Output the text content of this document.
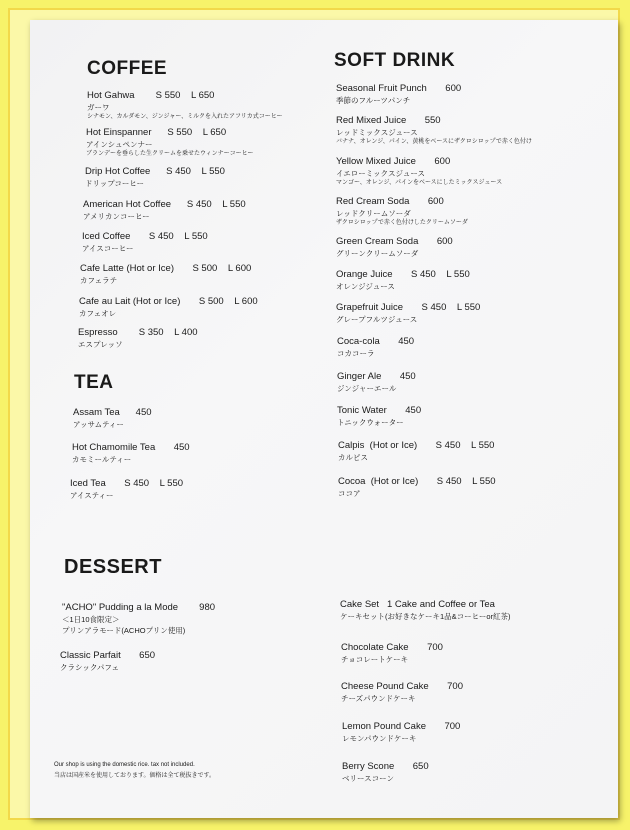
COFFEE
Hot Gahwa        S 550    L 650
ガーワ
シナモン、カルダモン、ジンジャー、ミルクを入れたアフリカ式コーヒー
Hot Einspanner      S 550    L 650
アインシュペンナー
ブランデーを垂らした生クリームを乗せたウィンナーコーヒー
Drip Hot Coffee      S 450    L 550
ドリップコーヒー
American Hot Coffee      S 450    L 550
アメリカンコーヒー
Iced Coffee       S 450    L 550
アイスコーヒー
Cafe Latte (Hot or Ice)       S 500    L 600
カフェラテ
Cafe au Lait (Hot or Ice)       S 500    L 600
カフェオレ
Espresso        S 350    L 400
エスプレッソ
TEA
Assam Tea      450
アッサムティー
Hot Chamomile Tea       450
カモミールティー
Iced Tea       S 450    L 550
アイスティー
SOFT DRINK
Seasonal Fruit Punch       600
季節のフルーツパンチ
Red Mixed Juice       550
レッドミックスジュース
バナナ、オレンジ、パイン、黄桃をベースにザクロシロップで赤く色付け
Yellow Mixed Juice       600
イエローミックスジュース
マンゴー、オレンジ、パインをベースにしたミックスジュース
Red Cream Soda       600
レッドクリームソーダ
ザクロシロップで赤く色付けしたクリームソーダ
Green Cream Soda       600
グリーンクリームソーダ
Orange Juice       S 450    L 550
オレンジジュース
Grapefruit Juice       S 450    L 550
グレープフルツジュース
Coca-cola       450
コカコーラ
Ginger Ale       450
ジンジャーエール
Tonic Water       450
トニックウォーター
Calpis  (Hot or Ice)       S 450    L 550
カルピス
Cocoa  (Hot or Ice)       S 450    L 550
ココア
DESSERT
"ACHO" Pudding a la Mode        980
＜1日10食限定＞
プリンアラモード(ACHOプリン使用)
Classic Parfait       650
クラシックパフェ
Cake Set   1 Cake and Coffee or Tea
ケーキセット(お好きなケーキ1品&コーヒーor紅茶)
Chocolate Cake       700
チョコレートケーキ
Cheese Pound Cake       700
チーズパウンドケーキ
Lemon Pound Cake       700
レモンパウンドケーキ
Berry Scone       650
ベリースコーン
Our shop is using the domestic rice. tax not included.
当店は国産米を使用しております。価格は全て税抜きです。
